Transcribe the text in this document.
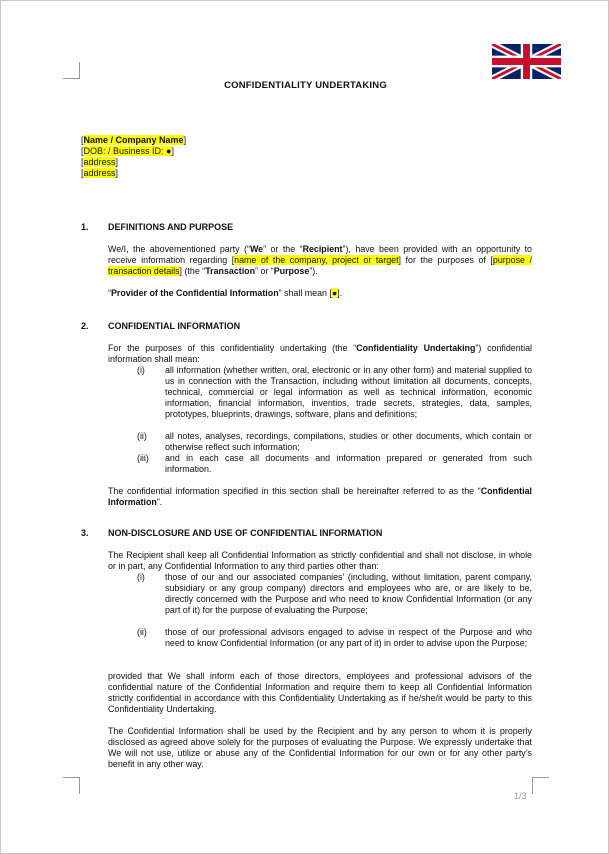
CONFIDENTIALITY UNDERTAKING
[Name / Company Name]
[DOB: / Business ID: ●]
[address]
[address]
1. DEFINITIONS AND PURPOSE
We/I, the abovementioned party (“We” or the “Recipient”), have been provided with an opportunity to receive information regarding [name of the company, project or target] for the purposes of [purpose / transaction details] (the “Transaction” or “Purpose”).
“Provider of the Confidential Information” shall mean [●].
2. CONFIDENTIAL INFORMATION
For the purposes of this confidentiality undertaking (the “Confidentiality Undertaking”) confidential information shall mean:
(i) all information (whether written, oral, electronic or in any other form) and material supplied to us in connection with the Transaction, including without limitation all documents, concepts, technical, commercial or legal information as well as technical information, economic information, financial information, inventios, trade secrets, strategies, data, samples, prototypes, blueprints, drawings, software, plans and definitions;
(ii) all notes, analyses, recordings, compilations, studies or other documents, which contain or otherwise reflect such information;
(iii) and in each case all documents and information prepared or generated from such information.
The confidential information specified in this section shall be hereinafter referred to as the “Confidential Information”.
3. NON-DISCLOSURE AND USE OF CONFIDENTIAL INFORMATION
The Recipient shall keep all Confidential Information as strictly confidential and shall not disclose, in whole or in part, any Confidential Information to any third parties other than:
(i) those of our and our associated companies’ (including, without limitation, parent company, subsidiary or any group company) directors and employees who are, or are likely to be, directly concerned with the Purpose and who need to know Confidential Information (or any part of it) for the purpose of evaluating the Purpose;
(ii) those of our professional advisors engaged to advise in respect of the Purpose and who need to know Confidential Information (or any part of it) in order to advise upon the Purpose;
provided that We shall inform each of those directors, employees and professional advisors of the confidential nature of the Confidential Information and require them to keep all Confidential Information strictly confidential in accordance with this Confidentiality Undertaking as if he/she/it would be party to this Confidentiality Undertaking.
The Confidential Information shall be used by the Recipient and by any person to whom it is properly disclosed as agreed above solely for the purposes of evaluating the Purpose. We expressly undertake that We will not use, utilize or abuse any of the Confidential Information for our own or for any other party’s benefit in any other way.
1/3
